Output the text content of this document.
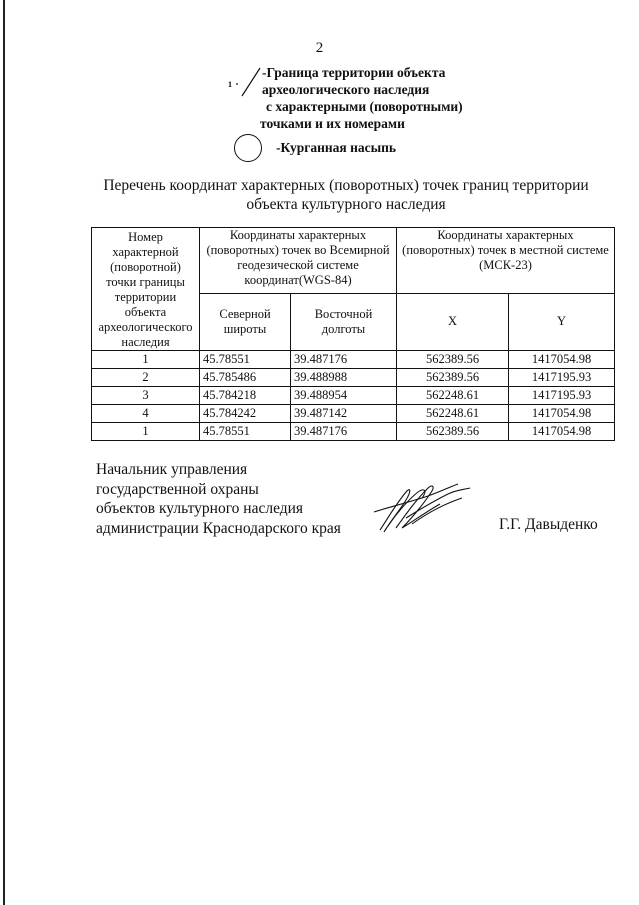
2
1
-Граница территории объекта
археологического наследия
с характерными (поворотными)
точками и их номерами
-Курганная насыпь
Перечень координат характерных (поворотных) точек границ территории
объекта культурного наследия
Номер характерной (поворотной) точки границы территории объекта археологического наследия	Координаты характерных (поворотных) точек во Всемирной геодезической системе координат(WGS-84)		Координаты характерных (поворотных) точек в местной системе (МСК-23)	
	Северной широты	Восточной долготы	X	Y
1	45.78551	39.487176	562389.56	1417054.98
2	45.785486	39.488988	562389.56	1417195.93
3	45.784218	39.488954	562248.61	1417195.93
4	45.784242	39.487142	562248.61	1417054.98
1	45.78551	39.487176	562389.56	1417054.98
Начальник управления
государственной охраны
объектов культурного наследия
администрации Краснодарского края	Г.Г. Давыденко
